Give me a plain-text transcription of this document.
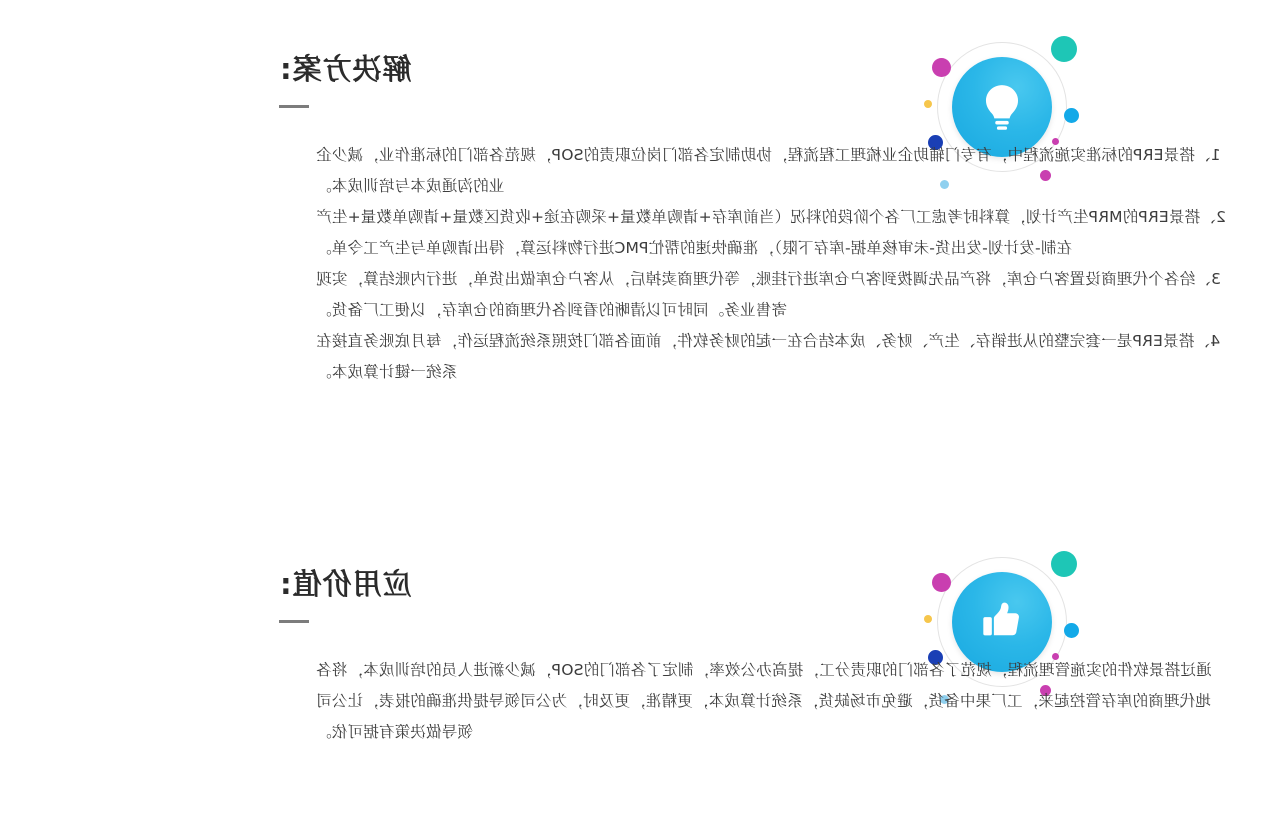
解决方案:

1、搭景ERP的标准实施流程中，有专门辅助企业梳理工程流程，协助制定各部门岗位职责的SOP，规范各部门的标准作业，减少企业的沟通成本与培训成本。

2、搭景ERP的MRP生产计划，算料时考虑工厂各个阶段的料况（当前库存+请购单数量+采购在途+收货区数量+请购单数量+生产在制-发计划-发出货-未审核单据-库存下限），准确快速的帮忙PMC进行物料运算，得出请购单与生产工令单。

3、给各个代理商设置客户仓库，将产品先调拨到客户仓库进行挂账，等代理商卖掉后，从客户仓库做出货单，进行内账结算，实现寄售业务。同时可以清晰的看到各代理商的仓库存，以便工厂备货。

4、搭景ERP是一套完整的从进销存、生产、财务、成本结合在一起的财务软件，前面各部门按照系统流程运作，每月底账务直接在系统一键计算成本。

应用价值:

通过搭景软件的实施管理流程，规范了各部门的职责分工，提高办公效率，制定了各部门的SOP，减少新进人员的培训成本，将各地代理商的库存管控起来，工厂果中备货，避免市场缺货，系统计算成本，更精准，更及时，为公司领导提供准确的报表，让公司领导做决策有据可依。
